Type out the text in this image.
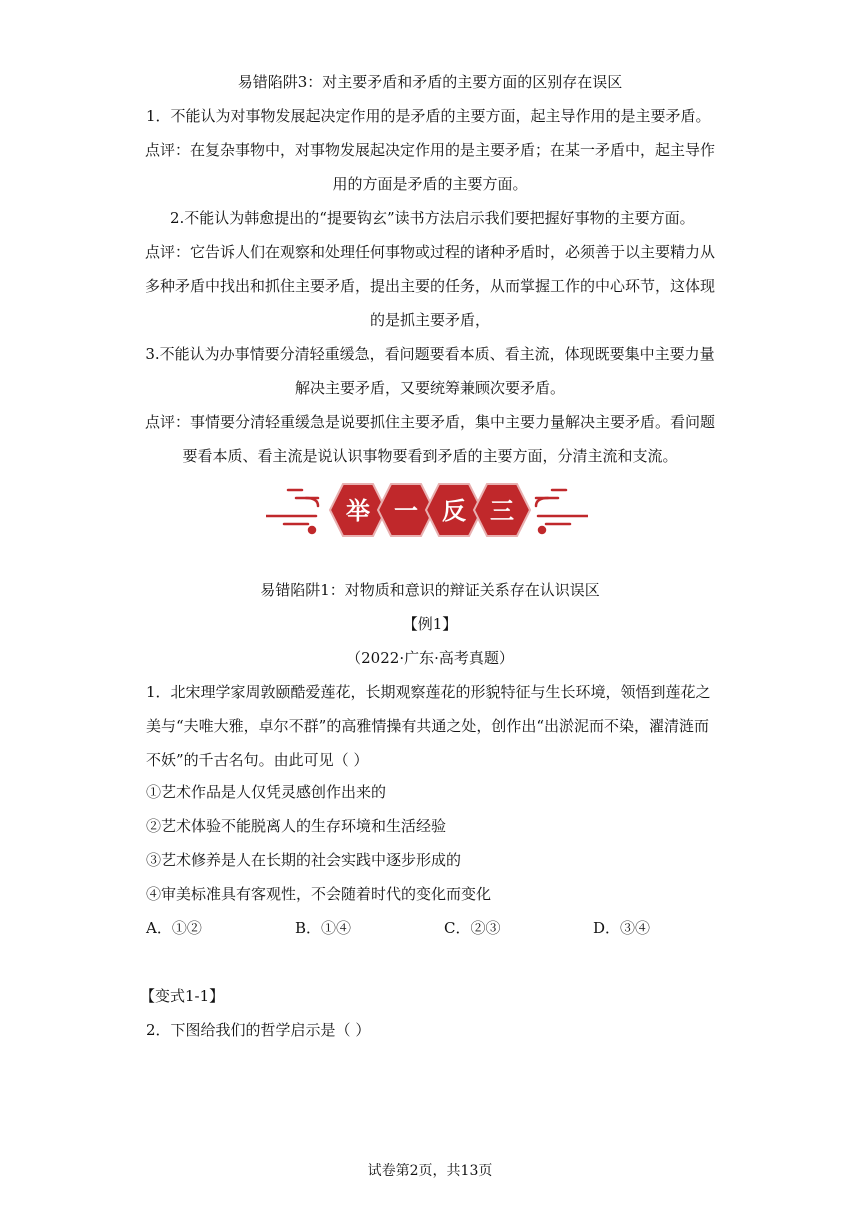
易错陷阱3：对主要矛盾和矛盾的主要方面的区别存在误区
1．不能认为对事物发展起决定作用的是矛盾的主要方面，起主导作用的是主要矛盾。
点评：在复杂事物中，对事物发展起决定作用的是主要矛盾；在某一矛盾中，起主导作
用的方面是矛盾的主要方面。
2.不能认为韩愈提出的“提要钩玄”读书方法启示我们要把握好事物的主要方面。
点评：它告诉人们在观察和处理任何事物或过程的诸种矛盾时，必须善于以主要精力从
多种矛盾中找出和抓住主要矛盾，提出主要的任务，从而掌握工作的中心环节，这体现
的是抓主要矛盾，
3.不能认为办事情要分清轻重缓急，看问题要看本质、看主流，体现既要集中主要力量
解决主要矛盾，又要统筹兼顾次要矛盾。
点评：事情要分清轻重缓急是说要抓住主要矛盾，集中主要力量解决主要矛盾。看问题
要看本质、看主流是说认识事物要看到矛盾的主要方面，分清主流和支流。
举 一 反 三
易错陷阱1：对物质和意识的辩证关系存在认识误区
【例1】
（2022·广东·高考真题）
1．北宋理学家周敦颐酷爱莲花，长期观察莲花的形貌特征与生长环境，领悟到莲花之
美与“夫唯大雅，卓尔不群”的高雅情操有共通之处，创作出“出淤泥而不染，濯清涟而
不妖”的千古名句。由此可见（ ）
①艺术作品是人仅凭灵感创作出来的
②艺术体验不能脱离人的生存环境和生活经验
③艺术修养是人在长期的社会实践中逐步形成的
④审美标准具有客观性，不会随着时代的变化而变化
A．①②	B．①④	C．②③	D．③④
【变式1-1】
2．下图给我们的哲学启示是（ ）
试卷第2页，共13页
